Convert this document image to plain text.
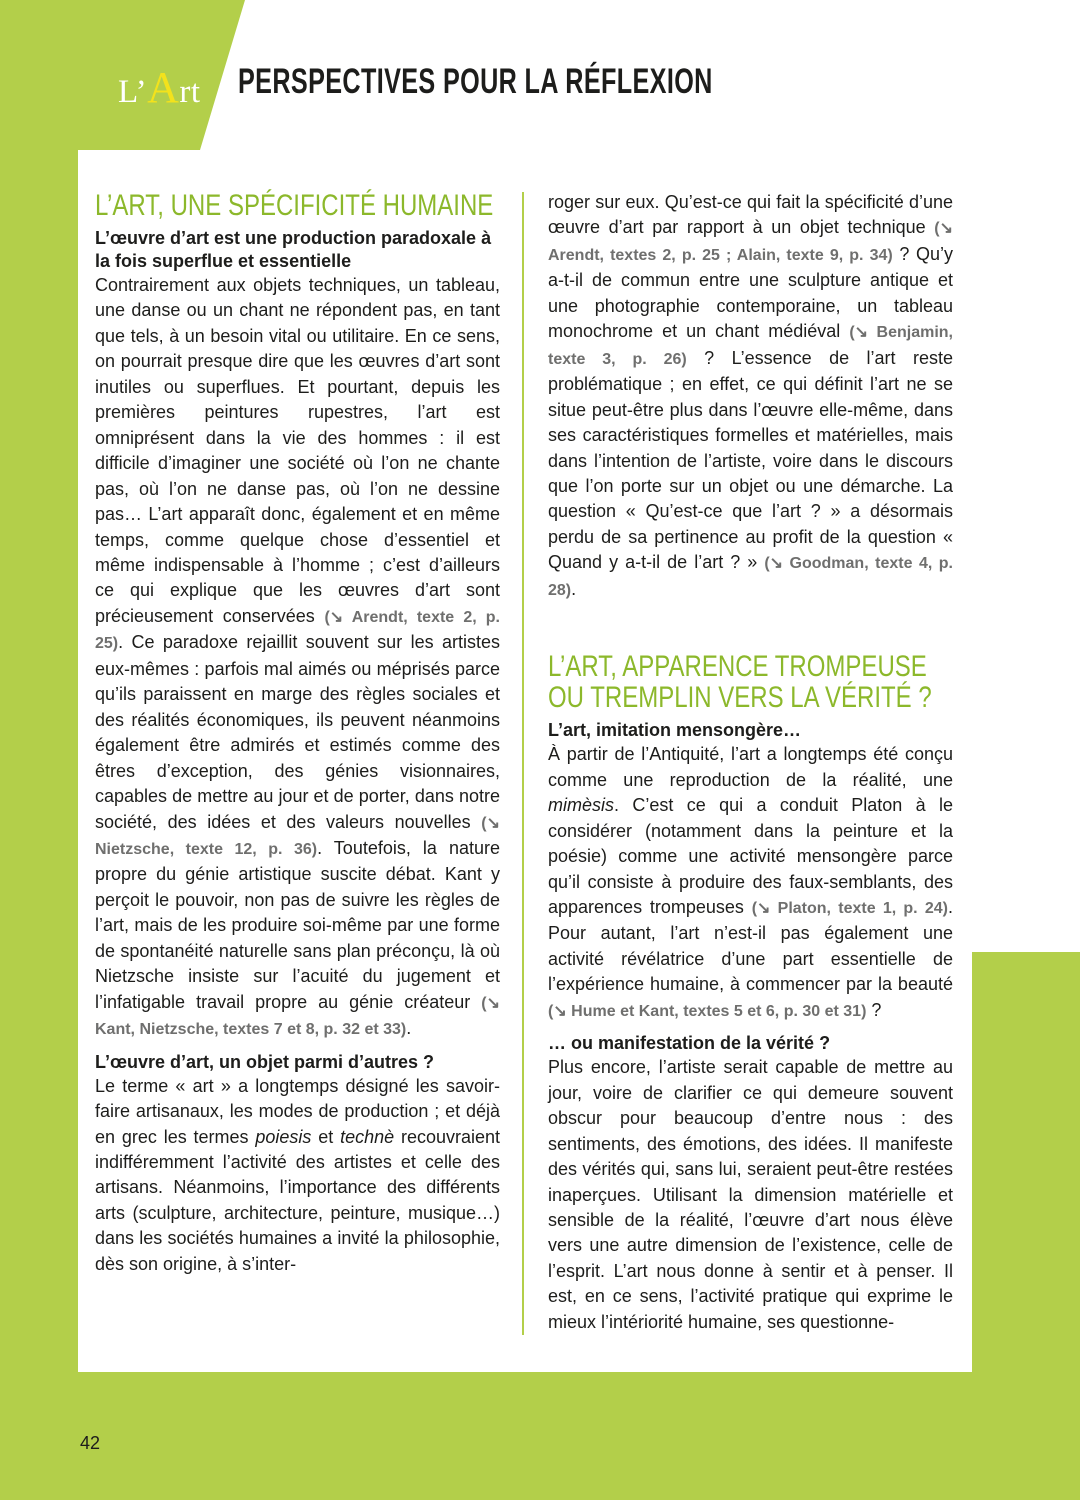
L’Art PERSPECTIVES POUR LA RÉFLEXION
L’ART, UNE SPÉCIFICITÉ HUMAINE
L’œuvre d’art est une production paradoxale à la fois superflue et essentielle

Contrairement aux objets techniques, un tableau, une danse ou un chant ne répondent pas, en tant que tels, à un besoin vital ou utilitaire. En ce sens, on pourrait presque dire que les œuvres d’art sont inutiles ou superflues. Et pourtant, depuis les premières peintures rupestres, l’art est omniprésent dans la vie des hommes : il est difficile d’imaginer une société où l’on ne chante pas, où l’on ne danse pas, où l’on ne dessine pas… L’art apparaît donc, également et en même temps, comme quelque chose d’essentiel et même indispensable à l’homme ; c’est d’ailleurs ce qui explique que les œuvres d’art sont précieusement conservées (↘ Arendt, texte 2, p. 25). Ce paradoxe rejaillit souvent sur les artistes eux-mêmes : parfois mal aimés ou méprisés parce qu’ils paraissent en marge des règles sociales et des réalités économiques, ils peuvent néanmoins également être admirés et estimés comme des êtres d’exception, des génies visionnaires, capables de mettre au jour et de porter, dans notre société, des idées et des valeurs nouvelles (↘ Nietzsche, texte 12, p. 36). Toutefois, la nature propre du génie artistique suscite débat. Kant y perçoit le pouvoir, non pas de suivre les règles de l’art, mais de les produire soi-même par une forme de spontanéité naturelle sans plan préconçu, là où Nietzsche insiste sur l’acuité du jugement et l’infatigable travail propre au génie créateur (↘ Kant, Nietzsche, textes 7 et 8, p. 32 et 33).

L’œuvre d’art, un objet parmi d’autres ?

Le terme « art » a longtemps désigné les savoir-faire artisanaux, les modes de production ; et déjà en grec les termes poiesis et technè recouvraient indifféremment l’activité des artistes et celle des artisans. Néanmoins, l’importance des différents arts (sculpture, architecture, peinture, musique…) dans les sociétés humaines a invité la philosophie, dès son origine, à s’inter-

roger sur eux. Qu’est-ce qui fait la spécificité d’une œuvre d’art par rapport à un objet technique (↘ Arendt, textes 2, p. 25 ; Alain, texte 9, p. 34) ? Qu’y a-t-il de commun entre une sculpture antique et une photographie contemporaine, un tableau monochrome et un chant médiéval (↘ Benjamin, texte 3, p. 26) ? L’essence de l’art reste problématique ; en effet, ce qui définit l’art ne se situe peut-être plus dans l’œuvre elle-même, dans ses caractéristiques formelles et matérielles, mais dans l’intention de l’artiste, voire dans le discours que l’on porte sur un objet ou une démarche. La question « Qu’est-ce que l’art ? » a désormais perdu de sa pertinence au profit de la question « Quand y a-t-il de l’art ? » (↘ Goodman, texte 4, p. 28).

L’ART, APPARENCE TROMPEUSE OU TREMPLIN VERS LA VÉRITÉ ?
L’art, imitation mensongère…

À partir de l’Antiquité, l’art a longtemps été conçu comme une reproduction de la réalité, une mimèsis. C’est ce qui a conduit Platon à le considérer (notamment dans la peinture et la poésie) comme une activité mensongère parce qu’il consiste à produire des faux-semblants, des apparences trompeuses (↘ Platon, texte 1, p. 24). Pour autant, l’art n’est-il pas également une activité révélatrice d’une part essentielle de l’expérience humaine, à commencer par la beauté (↘ Hume et Kant, textes 5 et 6, p. 30 et 31) ?

… ou manifestation de la vérité ?

Plus encore, l’artiste serait capable de mettre au jour, voire de clarifier ce qui demeure souvent obscur pour beaucoup d’entre nous : des sentiments, des émotions, des idées. Il manifeste des vérités qui, sans lui, seraient peut-être restées inaperçues. Utilisant la dimension matérielle et sensible de la réalité, l’œuvre d’art nous élève vers une autre dimension de l’existence, celle de l’esprit. L’art nous donne à sentir et à penser. Il est, en ce sens, l’activité pratique qui exprime le mieux l’intériorité humaine, ses questionne-

42
